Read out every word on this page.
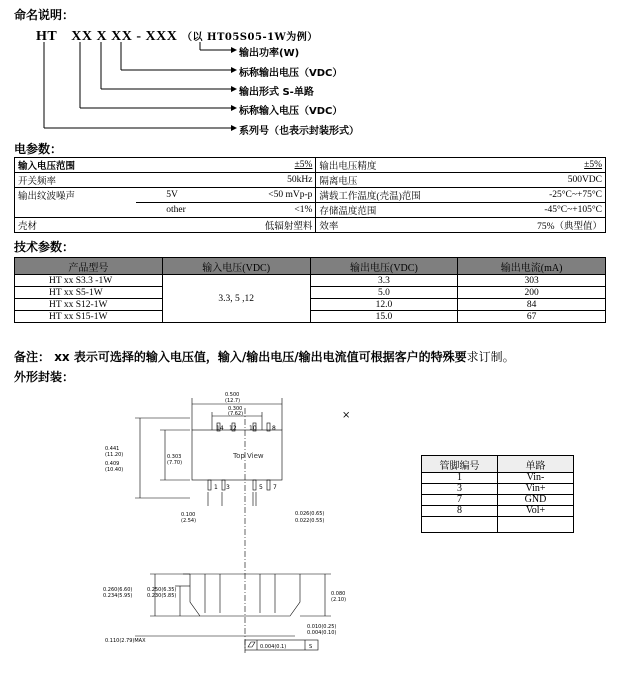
命名说明：
HT XX X XX - XXX （以 HT05S05-1W为例）
输出功率(W)
标称输出电压（VDC）
输出形式 S-单路
标称输入电压（VDC）
系列号（也表示封装形式）
电参数：
输入电压范围		±5%	输出电压精度	±5%
开关频率		50kHz	隔离电压	500VDC
输出纹波噪声	5V	<50 mVp-p	满载工作温度(壳温)范围	-25°C~+75°C
	other	<1%	存储温度范围	-45°C~+105°C
壳材		低辐射塑料	效率	75%（典型值）
技术参数：
产品型号	输入电压(VDC)	输出电压(VDC)	输出电流(mA)
HT xx S3.3 -1W	3.3, 5 ,12	3.3	303
HT xx S5-1W		5.0	200
HT xx S12-1W		12.0	84
HT xx S15-1W		15.0	67
备注： xx 表示可选择的输入电压值，输入/输出电压/输出电流值可根据客户的特殊要求订制。
外形封装：
0.500
(12.7)
0.300
(7.62)
0.441
(11.20)
0.409
(10.40)
0.303
(7.70)
0.100
(2.54)
0.026(0.65)
0.022(0.55)
0.260(6.60)
0.234(5.95)
0.250(6.35)
0.230(5.85)	0.080
(2.10)
0.010(0.25)
0.004(0.10)
0.110(2.79)MAX
0.004(0.1)	S
14 12 10	8
1 3	5 7
Top View
×
管脚编号	单路
1	Vin-
3	Vin+
7	GND
8	Vol+
